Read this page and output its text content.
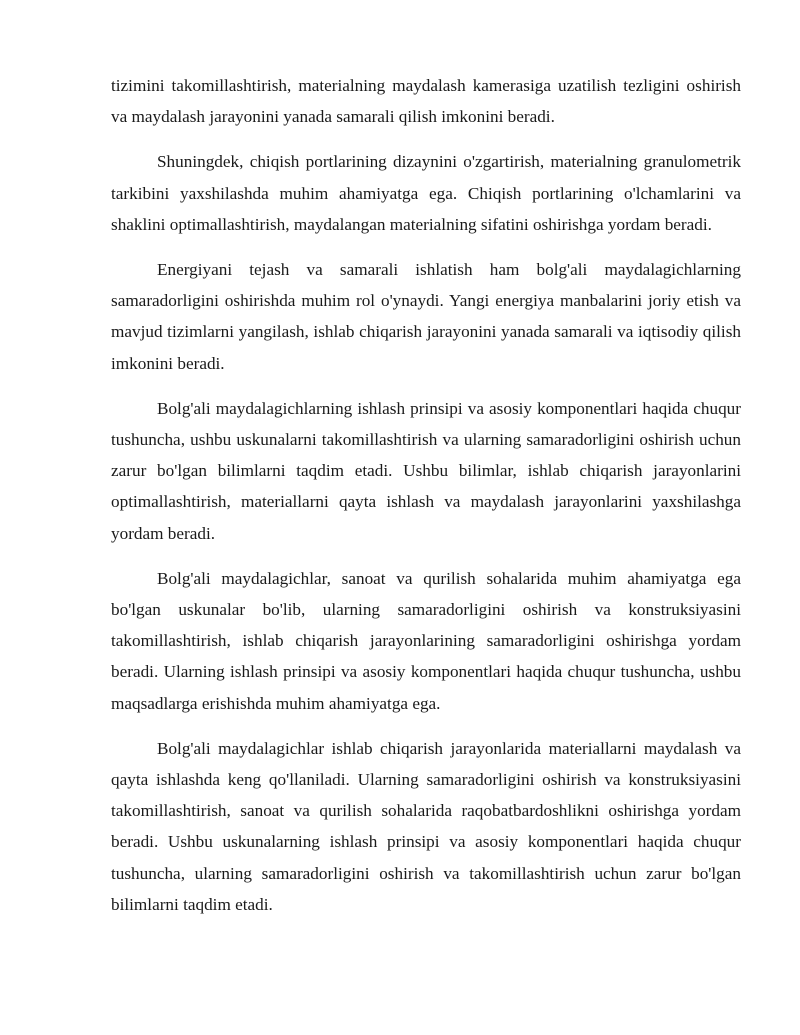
tizimini takomillashtirish, materialning maydalash kamerasiga uzatilish tezligini oshirish va maydalash jarayonini yanada samarali qilish imkonini beradi.

Shuningdek, chiqish portlarining dizaynini o'zgartirish, materialning granulometrik tarkibini yaxshilashda muhim ahamiyatga ega. Chiqish portlarining o'lchamlarini va shaklini optimallashtirish, maydalangan materialning sifatini oshirishga yordam beradi.

Energiyani tejash va samarali ishlatish ham bolg'ali maydalagichlarning samaradorligini oshirishda muhim rol o'ynaydi. Yangi energiya manbalarini joriy etish va mavjud tizimlarni yangilash, ishlab chiqarish jarayonini yanada samarali va iqtisodiy qilish imkonini beradi.

Bolg'ali maydalagichlarning ishlash prinsipi va asosiy komponentlari haqida chuqur tushuncha, ushbu uskunalarni takomillashtirish va ularning samaradorligini oshirish uchun zarur bo'lgan bilimlarni taqdim etadi. Ushbu bilimlar, ishlab chiqarish jarayonlarini optimallashtirish, materiallarni qayta ishlash va maydalash jarayonlarini yaxshilashga yordam beradi.

Bolg'ali maydalagichlar, sanoat va qurilish sohalarida muhim ahamiyatga ega bo'lgan uskunalar bo'lib, ularning samaradorligini oshirish va konstruksiyasini takomillashtirish, ishlab chiqarish jarayonlarining samaradorligini oshirishga yordam beradi. Ularning ishlash prinsipi va asosiy komponentlari haqida chuqur tushuncha, ushbu maqsadlarga erishishda muhim ahamiyatga ega.

Bolg'ali maydalagichlar ishlab chiqarish jarayonlarida materiallarni maydalash va qayta ishlashda keng qo'llaniladi. Ularning samaradorligini oshirish va konstruksiyasini takomillashtirish, sanoat va qurilish sohalarida raqobatbardoshlikni oshirishga yordam beradi. Ushbu uskunalarning ishlash prinsipi va asosiy komponentlari haqida chuqur tushuncha, ularning samaradorligini oshirish va takomillashtirish uchun zarur bo'lgan bilimlarni taqdim etadi.
